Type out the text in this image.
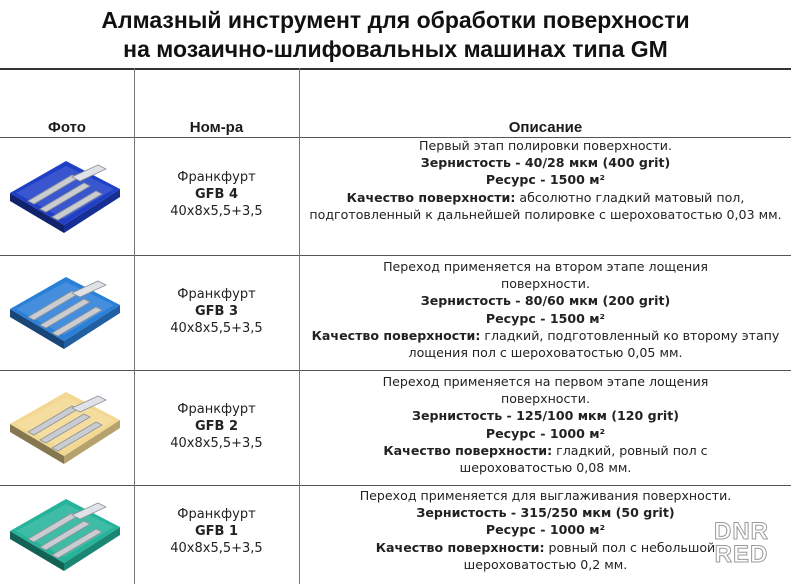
Алмазный инструмент для обработки поверхности
на мозаично-шлифовальных машинах типа GM
Фото	Ном-ра	Описание
Франкфурт
GFB 4
40x8x5,5+3,5
Первый этап полировки поверхности.
Зернистость - 40/28 мкм (400 grit)
Ресурс - 1500 м²
Качество поверхности: абсолютно гладкий матовый пол, подготовленный к дальнейшей полировке с шероховатостью 0,03 мм.
Франкфурт
GFB 3
40x8x5,5+3,5
Переход применяется на втором этапе лощения поверхности.
Зернистость - 80/60 мкм (200 grit)
Ресурс - 1500 м²
Качество поверхности: гладкий, подготовленный ко второму этапу лощения пол с шероховатостью 0,05 мм.
Франкфурт
GFB 2
40x8x5,5+3,5
Переход применяется на первом этапе лощения поверхности.
Зернистость - 125/100 мкм (120 grit)
Ресурс - 1000 м²
Качество поверхности: гладкий, ровный пол с шероховатостью 0,08 мм.
Франкфурт
GFB 1
40x8x5,5+3,5
Переход применяется для выглаживания поверхности.
Зернистость - 315/250 мкм (50 grit)
Ресурс - 1000 м²
Качество поверхности: ровный пол с небольшой шероховатостью 0,2 мм.
DNR
RED
